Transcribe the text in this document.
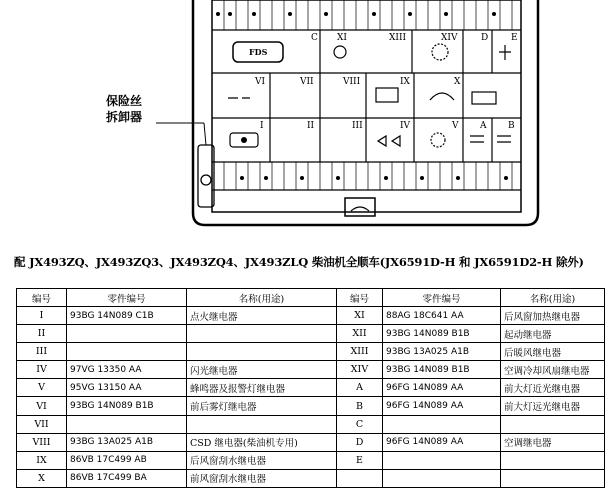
FDS
C XI	XIII	XIV	D	E
VI	VII	VIII	IX	X
I	II	III	IV	V A B
保险丝
拆卸器
配 JX493ZQ、JX493ZQ3、JX493ZQ4、JX493ZLQ 柴油机全顺车(JX6591D-H 和 JX6591D2-H 除外)
编号	零件编号	名称(用途)	编号	零件编号	名称(用途)
I	93BG 14N089 C1B	点火继电器	XI	88AG 18C641 AA	后风窗加热继电器
II			XII	93BG 14N089 B1B	起动继电器
III			XIII	93BG 13A025 A1B	后暖风继电器
IV	97VG 13350 AA	闪光继电器	XIV	93BG 14N089 B1B	空调冷却风扇继电器
V	95VG 13150 AA	蜂鸣器及报警灯继电器	A	96FG 14N089 AA	前大灯近光继电器
VI	93BG 14N089 B1B	前后雾灯继电器	B	96FG 14N089 AA	前大灯远光继电器
VII			C		
VIII	93BG 13A025 A1B	CSD 继电器(柴油机专用)	D	96FG 14N089 AA	空调继电器
IX	86VB 17C499 AB	后风窗刮水继电器	E		
X	86VB 17C499 BA	前风窗刮水继电器			
